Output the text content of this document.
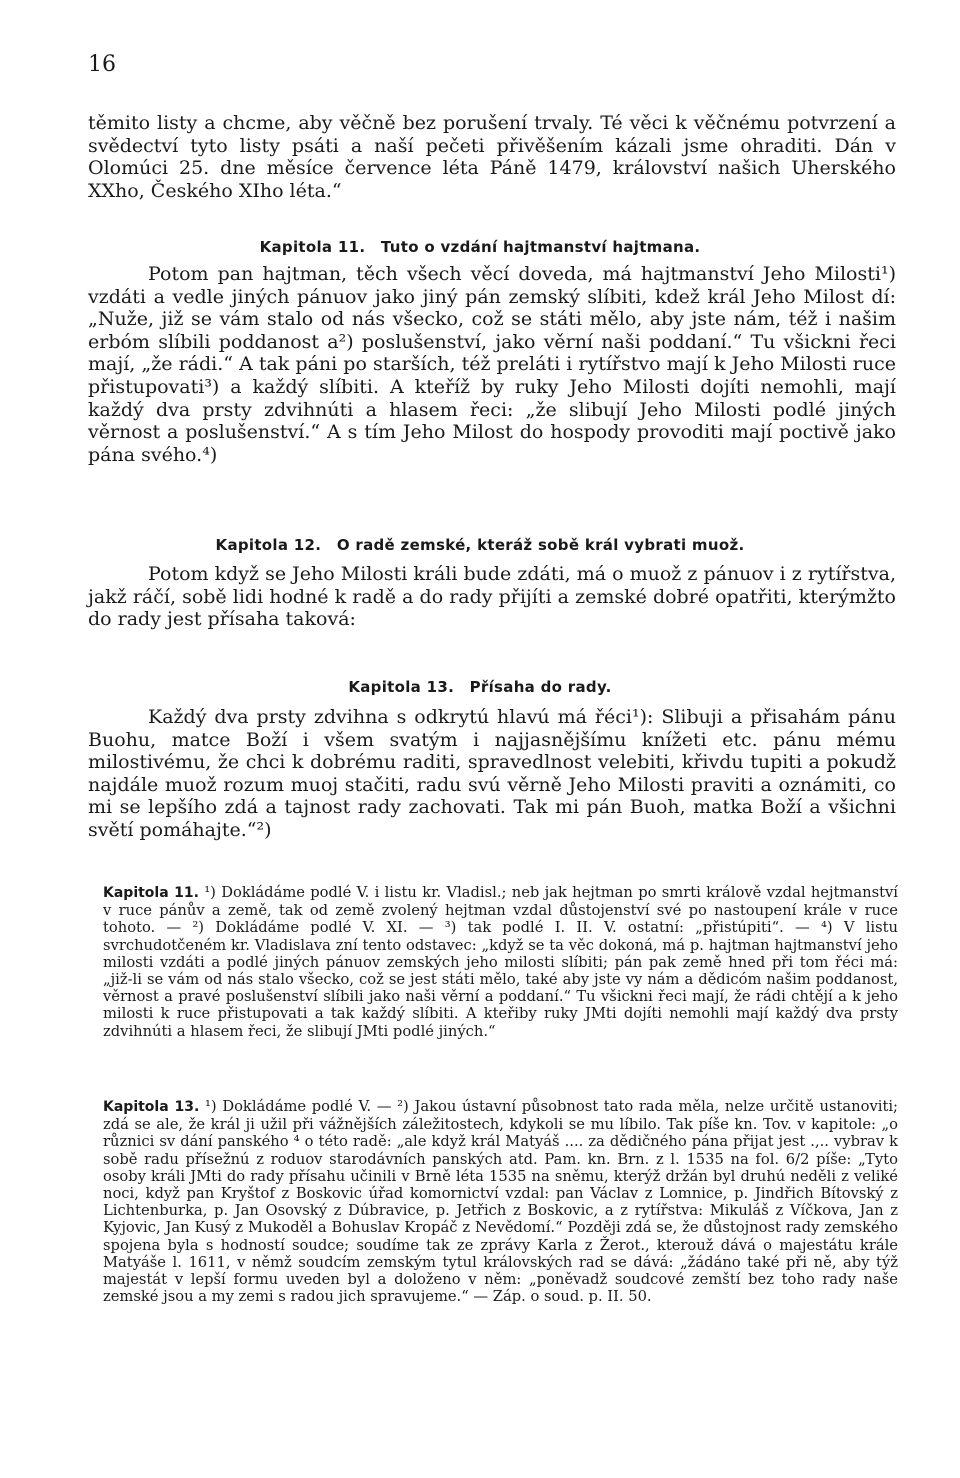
16

těmito listy a chcme, aby věčně bez porušení trvaly. Té věci k věčnému potvrzení a svědectví tyto listy psáti a naší pečeti přivěšením kázali jsme ohraditi. Dán v Olomúci 25. dne měsíce července léta Páně 1479, království našich Uherského XXho, Českého XIho léta.“

Kapitola 11. Tuto o vzdání hajtmanství hajtmana.

Potom pan hajtman, těch všech věcí doveda, má hajtmanství Jeho Milosti¹) vzdáti a vedle jiných pánuov jako jiný pán zemský slíbiti, kdež král Jeho Milost dí: „Nuže, již se vám stalo od nás všecko, což se státi mělo, aby jste nám, též i našim erbóm slíbili poddanost a²) poslušenství, jako věrní naši poddaní.“ Tu všickni řeci mají, „že rádi.“ A tak páni po starších, též preláti i rytířstvo mají k Jeho Milosti ruce přistupovati³) a každý slíbiti. A kteříž by ruky Jeho Milosti dojíti nemohli, mají každý dva prsty zdvihnúti a hlasem řeci: „že slibují Jeho Milosti podlé jiných věrnost a poslušenství.“ A s tím Jeho Milost do hospody provoditi mají poctivě jako pána svého.⁴)

Kapitola 12. O radě zemské, kteráž sobě král vybrati muož.

Potom když se Jeho Milosti králi bude zdáti, má o muož z pánuov i z rytířstva, jakž ráčí, sobě lidi hodné k radě a do rady přijíti a zemské dobré opatřiti, kterýmžto do rady jest přísaha taková:

Kapitola 13. Přísaha do rady.

Každý dva prsty zdvihna s odkrytú hlavú má řéci¹): Slibuji a přisahám pánu Buohu, matce Boží i všem svatým i najjasnějšímu knížeti etc. pánu mému milostivému, že chci k dobrému raditi, spravedlnost velebiti, křivdu tupiti a pokudž najdále muož rozum muoj stačiti, radu svú věrně Jeho Milosti praviti a oznámiti, co mi se lepšího zdá a tajnost rady zachovati. Tak mi pán Buoh, matka Boží a všichni světí pomáhajte.“²)

Kapitola 11. ¹) Dokládáme podlé V. i listu kr. Vladisl.; neb jak hejtman po smrti králově vzdal hejtmanství v ruce pánův a země, tak od země zvolený hejtman vzdal důstojenství své po nastoupení krále v ruce tohoto. — ²) Dokládáme podlé V. XI. — ³) tak podlé I. II. V. ostatní: „přistúpiti“. — ⁴) V listu svrchudotčeném kr. Vladislava zní tento odstavec: „když se ta věc dokoná, má p. hajtman hajtmanství jeho milosti vzdáti a podlé jiných pánuov zemských jeho milosti slíbiti; pán pak země hned při tom řéci má: „již-li se vám od nás stalo všecko, což se jest státi mělo, také aby jste vy nám a dědicóm našim poddanost, věrnost a pravé poslušenství slíbili jako naši věrní a poddaní.“ Tu všickni řeci mají, že rádi chtějí a k jeho milosti k ruce přistupovati a tak každý slíbiti. A kteřiby ruky JMti dojíti nemohli mají každý dva prsty zdvihnúti a hlasem řeci, že slibují JMti podlé jiných.“

Kapitola 13. ¹) Dokládáme podlé V. — ²) Jakou ústavní působnost tato rada měla, nelze určitě ustanoviti; zdá se ale, že král ji užil při vážnějších záležitostech, kdykoli se mu líbilo. Tak píše kn. Tov. v kapitole: „o různici sv dání panského ⁴ o této radě: „ale když král Matyáš .... za dědičného pána přijat jest .,.. vybrav k sobě radu přísežnú z roduov starodávních panských atd. Pam. kn. Brn. z l. 1535 na fol. 6/2 píše: „Tyto osoby králi JMti do rady přísahu učinili v Brně léta 1535 na sněmu, kterýž držán byl druhú neděli z veliké noci, když pan Kryštof z Boskovic úřad komornictví vzdal: pan Václav z Lomnice, p. Jindřich Bítovský z Lichtenburka, p. Jan Osovský z Dúbravice, p. Jetřich z Boskovic, a z rytířstva: Mikuláš z Víčkova, Jan z Kyjovic, Jan Kusý z Mukoděl a Bohuslav Kropáč z Nevědomí.“ Později zdá se, že důstojnost rady zemského spojena byla s hodností soudce; soudíme tak ze zprávy Karla z Žerot., kterouž dává o majestátu krále Matyáše l. 1611, v němž soudcím zemským tytul královských rad se dává: „žádáno také při ně, aby týž majestát v lepší formu uveden byl a doloženo v něm: „poněvadž soudcové zemští bez toho rady naše zemské jsou a my zemi s radou jich spravujeme.“ — Záp. o soud. p. II. 50.
